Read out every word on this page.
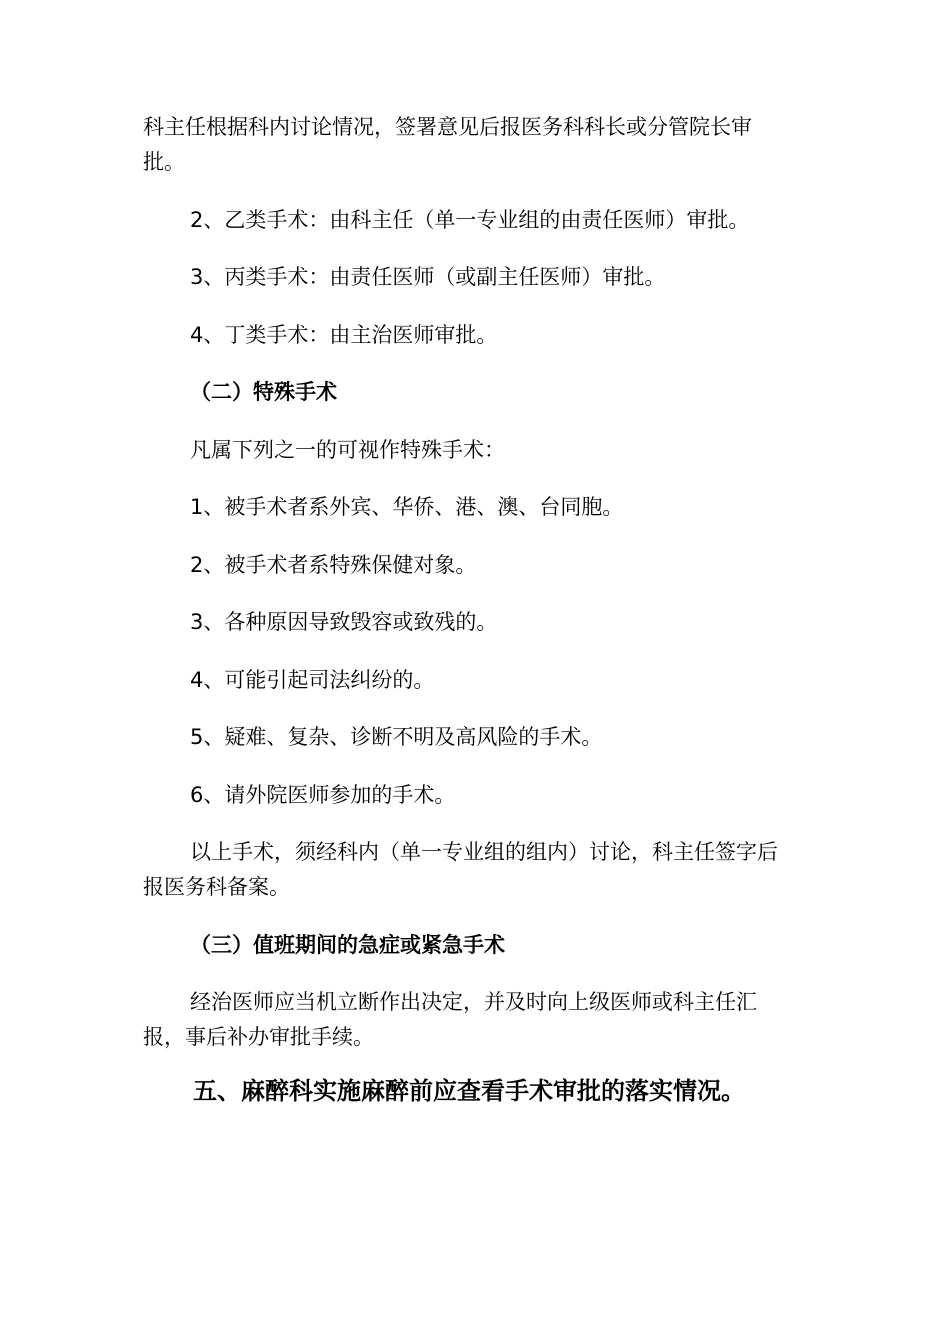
科主任根据科内讨论情况，签署意见后报医务科科长或分管院长审
批。
2、乙类手术：由科主任（单一专业组的由责任医师）审批。
3、丙类手术：由责任医师（或副主任医师）审批。
4、丁类手术：由主治医师审批。
（二）特殊手术
凡属下列之一的可视作特殊手术：
1、被手术者系外宾、华侨、港、澳、台同胞。
2、被手术者系特殊保健对象。
3、各种原因导致毁容或致残的。
4、可能引起司法纠纷的。
5、疑难、复杂、诊断不明及高风险的手术。
6、请外院医师参加的手术。
以上手术，须经科内（单一专业组的组内）讨论，科主任签字后
报医务科备案。
（三）值班期间的急症或紧急手术
经治医师应当机立断作出决定，并及时向上级医师或科主任汇
报，事后补办审批手续。
五、麻醉科实施麻醉前应查看手术审批的落实情况。
